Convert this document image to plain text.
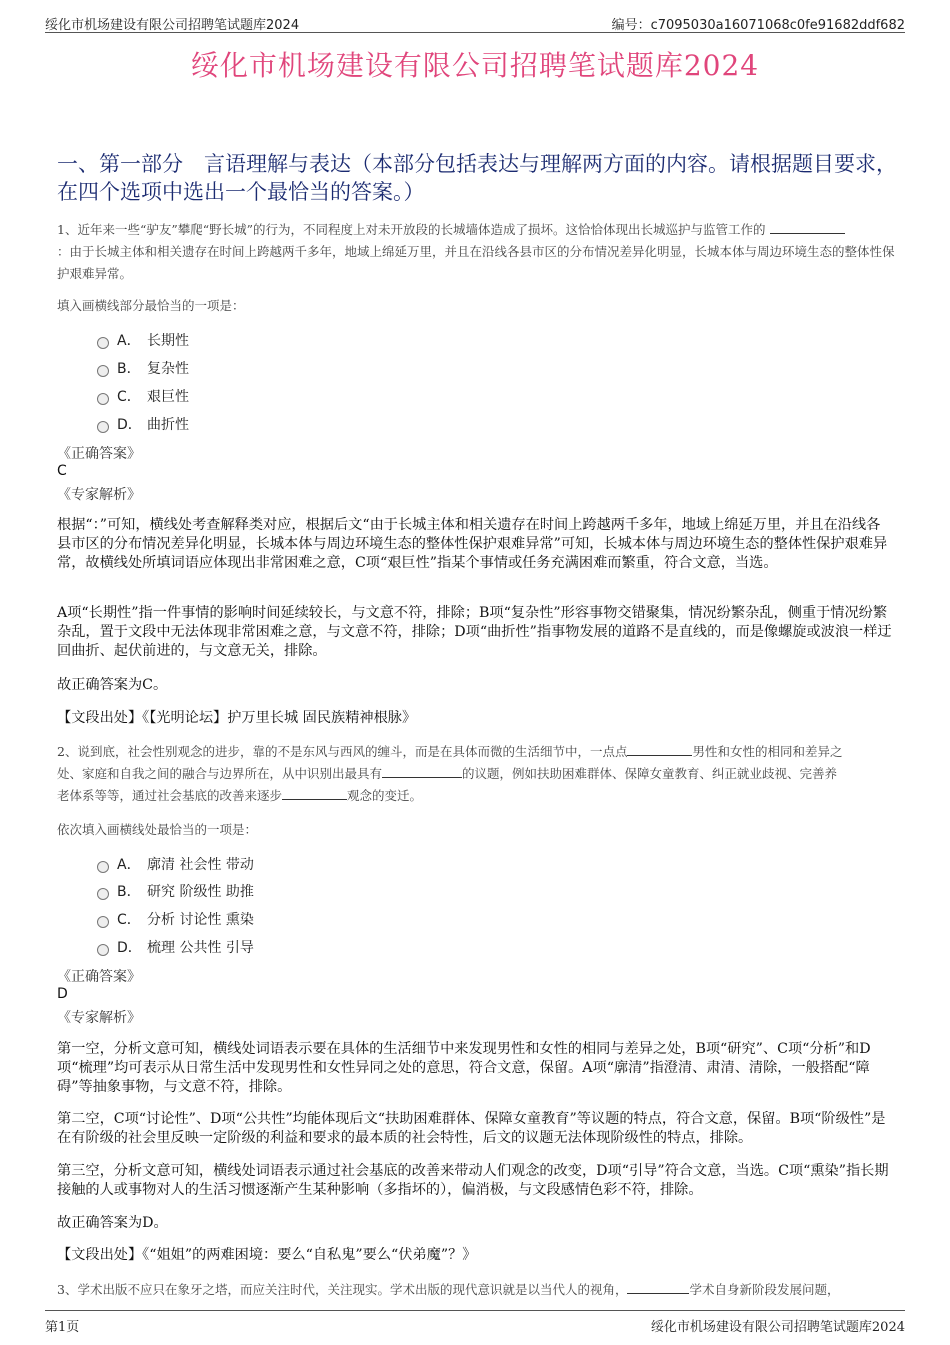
绥化市机场建设有限公司招聘笔试题库2024	编号：c7095030a16071068c0fe91682ddf682
绥化市机场建设有限公司招聘笔试题库2024
一、第一部分　言语理解与表达（本部分包括表达与理解两方面的内容。请根据题目要求，在四个选项中选出一个最恰当的答案。）
1、近年来一些“驴友”攀爬“野长城”的行为，不同程度上对未开放段的长城墙体造成了损坏。这恰恰体现出长城巡护与监管工作的
：由于长城主体和相关遗存在时间上跨越两千多年，地域上绵延万里，并且在沿线各县市区的分布情况差异化明显，长城本体与周边环境生态的整体性保护艰难异常。
填入画横线部分最恰当的一项是：
A． 长期性
B． 复杂性
C． 艰巨性
D． 曲折性
《正确答案》
C
《专家解析》
根据“：”可知，横线处考查解释类对应，根据后文“由于长城主体和相关遗存在时间上跨越两千多年，地域上绵延万里，并且在沿线各县市区的分布情况差异化明显，长城本体与周边环境生态的整体性保护艰难异常”可知，长城本体与周边环境生态的整体性保护艰难异常，故横线处所填词语应体现出非常困难之意，C项“艰巨性”指某个事情或任务充满困难而繁重，符合文意，当选。
A项“长期性”指一件事情的影响时间延续较长，与文意不符，排除；B项“复杂性”形容事物交错聚集，情况纷繁杂乱，侧重于情况纷繁杂乱，置于文段中无法体现非常困难之意，与文意不符，排除；D项“曲折性”指事物发展的道路不是直线的，而是像螺旋或波浪一样迂回曲折、起伏前进的，与文意无关，排除。
故正确答案为C。
【文段出处】《【光明论坛】护万里长城 固民族精神根脉》
2、说到底，社会性别观念的进步，靠的不是东风与西风的缠斗，而是在具体而微的生活细节中，一点点	男性和女性的相同和差异之
处、家庭和自我之间的融合与边界所在，从中识别出最具有	的议题，例如扶助困难群体、保障女童教育、纠正就业歧视、完善养
老体系等等，通过社会基底的改善来逐步	观念的变迁。
依次填入画横线处最恰当的一项是：
A． 廓清 社会性 带动
B． 研究 阶级性 助推
C． 分析 讨论性 熏染
D． 梳理 公共性 引导
《正确答案》
D
《专家解析》
第一空，分析文意可知，横线处词语表示要在具体的生活细节中来发现男性和女性的相同与差异之处，B项“研究”、C项“分析”和D项“梳理”均可表示从日常生活中发现男性和女性异同之处的意思，符合文意，保留。A项“廓清”指澄清、肃清、清除，一般搭配“障碍”等抽象事物，与文意不符，排除。
第二空，C项“讨论性”、D项“公共性”均能体现后文“扶助困难群体、保障女童教育”等议题的特点，符合文意，保留。B项“阶级性”是在有阶级的社会里反映一定阶级的利益和要求的最本质的社会特性，后文的议题无法体现阶级性的特点，排除。
第三空，分析文意可知，横线处词语表示通过社会基底的改善来带动人们观念的改变，D项“引导”符合文意，当选。C项“熏染”指长期接触的人或事物对人的生活习惯逐渐产生某种影响（多指坏的），偏消极，与文段感情色彩不符，排除。
故正确答案为D。
【文段出处】《“姐姐”的两难困境：要么“自私鬼”要么“伏弟魔”？》
3、学术出版不应只在象牙之塔，而应关注时代，关注现实。学术出版的现代意识就是以当代人的视角，	学术自身新阶段发展问题，
第1页	绥化市机场建设有限公司招聘笔试题库2024
